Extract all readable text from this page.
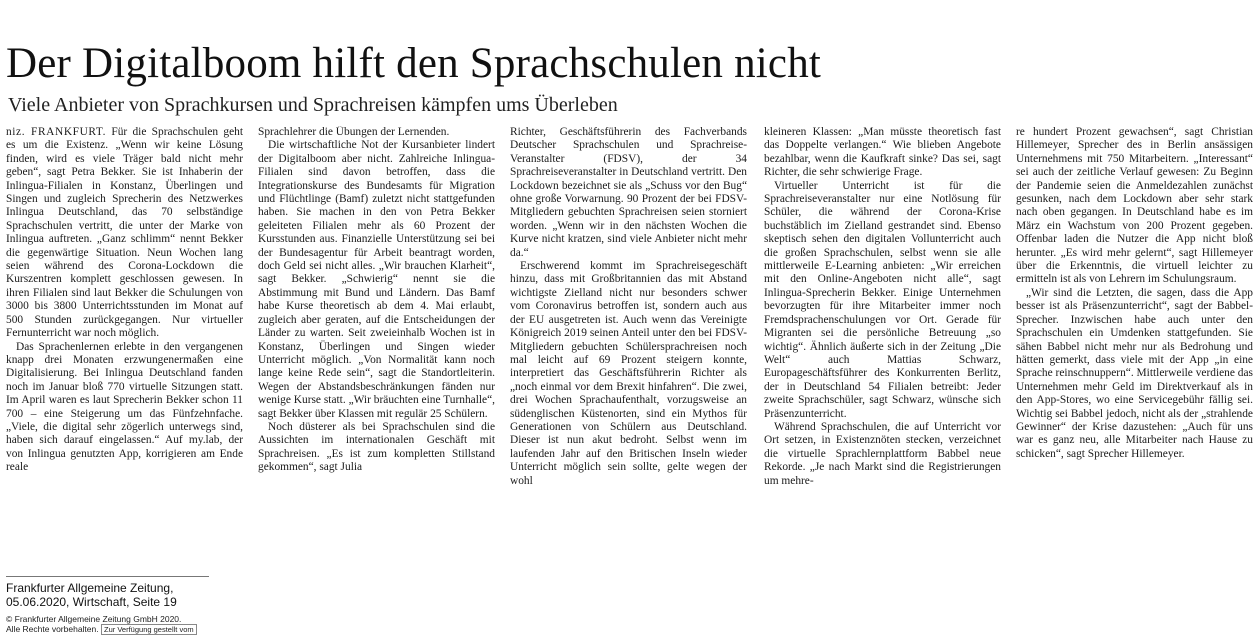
Der Digitalboom hilft den Sprachschulen nicht
Viele Anbieter von Sprachkursen und Sprachreisen kämpfen ums Überleben

niz. FRANKFURT. Für die Sprachschulen geht es um die Existenz. „Wenn wir keine Lösung finden, wird es viele Träger bald nicht mehr geben“, sagt Petra Bekker. Sie ist Inhaberin der Inlingua-Filialen in Konstanz, Überlingen und Singen und zugleich Sprecherin des Netzwerkes Inlingua Deutschland, das 70 selbständige Sprachschulen vertritt, die unter der Marke von Inlingua auftreten. „Ganz schlimm“ nennt Bekker die gegenwärtige Situation. Neun Wochen lang seien während des Corona-Lockdown die Kurszentren komplett geschlossen gewesen. In ihren Filialen sind laut Bekker die Schulungen von 3000 bis 3800 Unterrichtsstunden im Monat auf 500 Stunden zurückgegangen. Nur virtueller Fernunterricht war noch möglich.

Das Sprachenlernen erlebte in den vergangenen knapp drei Monaten erzwungenermaßen eine Digitalisierung. Bei Inlingua Deutschland fanden noch im Januar bloß 770 virtuelle Sitzungen statt. Im April waren es laut Sprecherin Bekker schon 11 700 – eine Steigerung um das Fünfzehnfache. „Viele, die digital sehr zögerlich unterwegs sind, haben sich darauf eingelassen.“ Auf my.lab, der von Inlingua genutzten App, korrigieren am Ende reale

Sprachlehrer die Übungen der Lernenden.

Die wirtschaftliche Not der Kursanbieter lindert der Digitalboom aber nicht. Zahlreiche Inlingua-Filialen sind davon betroffen, dass die Integrationskurse des Bundesamts für Migration und Flüchtlinge (Bamf) zuletzt nicht stattgefunden haben. Sie machen in den von Petra Bekker geleiteten Filialen mehr als 60 Prozent der Kursstunden aus. Finanzielle Unterstützung sei bei der Bundesagentur für Arbeit beantragt worden, doch Geld sei nicht alles. „Wir brauchen Klarheit“, sagt Bekker. „Schwierig“ nennt sie die Abstimmung mit Bund und Ländern. Das Bamf habe Kurse theoretisch ab dem 4. Mai erlaubt, zugleich aber geraten, auf die Entscheidungen der Länder zu warten. Seit zweieinhalb Wochen ist in Konstanz, Überlingen und Singen wieder Unterricht möglich. „Von Normalität kann noch lange keine Rede sein“, sagt die Standortleiterin. Wegen der Abstandsbeschränkungen fänden nur wenige Kurse statt. „Wir bräuchten eine Turnhalle“, sagt Bekker über Klassen mit regulär 25 Schülern.

Noch düsterer als bei Sprachschulen sind die Aussichten im internationalen Geschäft mit Sprachreisen. „Es ist zum kompletten Stillstand gekommen“, sagt Julia

Richter, Geschäftsführerin des Fachverbands Deutscher Sprachschulen und Sprachreise-Veranstalter (FDSV), der 34 Sprachreiseveranstalter in Deutschland vertritt. Den Lockdown bezeichnet sie als „Schuss vor den Bug“ ohne große Vorwarnung. 90 Prozent der bei FDSV-Mitgliedern gebuchten Sprachreisen seien storniert worden. „Wenn wir in den nächsten Wochen die Kurve nicht kratzen, sind viele Anbieter nicht mehr da.“

Erschwerend kommt im Sprachreisegeschäft hinzu, dass mit Großbritannien das mit Abstand wichtigste Zielland nicht nur besonders schwer vom Coronavirus betroffen ist, sondern auch aus der EU ausgetreten ist. Auch wenn das Vereinigte Königreich 2019 seinen Anteil unter den bei FDSV-Mitgliedern gebuchten Schülersprachreisen noch mal leicht auf 69 Prozent steigern konnte, interpretiert das Geschäftsführerin Richter als „noch einmal vor dem Brexit hinfahren“. Die zwei, drei Wochen Sprachaufenthalt, vorzugsweise an südenglischen Küstenorten, sind ein Mythos für Generationen von Schülern aus Deutschland. Dieser ist nun akut bedroht. Selbst wenn im laufenden Jahr auf den Britischen Inseln wieder Unterricht möglich sein sollte, gelte wegen der wohl

kleineren Klassen: „Man müsste theoretisch fast das Doppelte verlangen.“ Wie blieben Angebote bezahlbar, wenn die Kaufkraft sinke? Das sei, sagt Richter, die sehr schwierige Frage.

Virtueller Unterricht ist für die Sprachreiseveranstalter nur eine Notlösung für Schüler, die während der Corona-Krise buchstäblich im Zielland gestrandet sind. Ebenso skeptisch sehen den digitalen Vollunterricht auch die großen Sprachschulen, selbst wenn sie alle mittlerweile E-Learning anbieten: „Wir erreichen mit den Online-Angeboten nicht alle“, sagt Inlingua-Sprecherin Bekker. Einige Unternehmen bevorzugten für ihre Mitarbeiter immer noch Fremdsprachenschulungen vor Ort. Gerade für Migranten sei die persönliche Betreuung „so wichtig“. Ähnlich äußerte sich in der Zeitung „Die Welt“ auch Mattias Schwarz, Europageschäftsführer des Konkurrenten Berlitz, der in Deutschland 54 Filialen betreibt: Jeder zweite Sprachschüler, sagt Schwarz, wünsche sich Präsenzunterricht.

Während Sprachschulen, die auf Unterricht vor Ort setzen, in Existenznöten stecken, verzeichnet die virtuelle Sprachlernplattform Babbel neue Rekorde. „Je nach Markt sind die Registrierungen um mehre-

re hundert Prozent gewachsen“, sagt Christian Hillemeyer, Sprecher des in Berlin ansässigen Unternehmens mit 750 Mitarbeitern. „Interessant“ sei auch der zeitliche Verlauf gewesen: Zu Beginn der Pandemie seien die Anmeldezahlen zunächst gesunken, nach dem Lockdown aber sehr stark nach oben gegangen. In Deutschland habe es im März ein Wachstum von 200 Prozent gegeben. Offenbar laden die Nutzer die App nicht bloß herunter. „Es wird mehr gelernt“, sagt Hillemeyer über die Erkenntnis, die virtuell leichter zu ermitteln ist als von Lehrern im Schulungsraum.

„Wir sind die Letzten, die sagen, dass die App besser ist als Präsenzunterricht“, sagt der Babbel-Sprecher. Inzwischen habe auch unter den Sprachschulen ein Umdenken stattgefunden. Sie sähen Babbel nicht mehr nur als Bedrohung und hätten gemerkt, dass viele mit der App „in eine Sprache reinschnuppern“. Mittlerweile verdiene das Unternehmen mehr Geld im Direktverkauf als in den App-Stores, wo eine Servicegebühr fällig sei. Wichtig sei Babbel jedoch, nicht als der „strahlende Gewinner“ der Krise dazustehen: „Auch für uns war es ganz neu, alle Mitarbeiter nach Hause zu schicken“, sagt Sprecher Hillemeyer.

Frankfurter Allgemeine Zeitung,
05.06.2020, Wirtschaft, Seite 19
© Frankfurter Allgemeine Zeitung GmbH 2020.
Alle Rechte vorbehalten. Zur Verfügung gestellt vom
